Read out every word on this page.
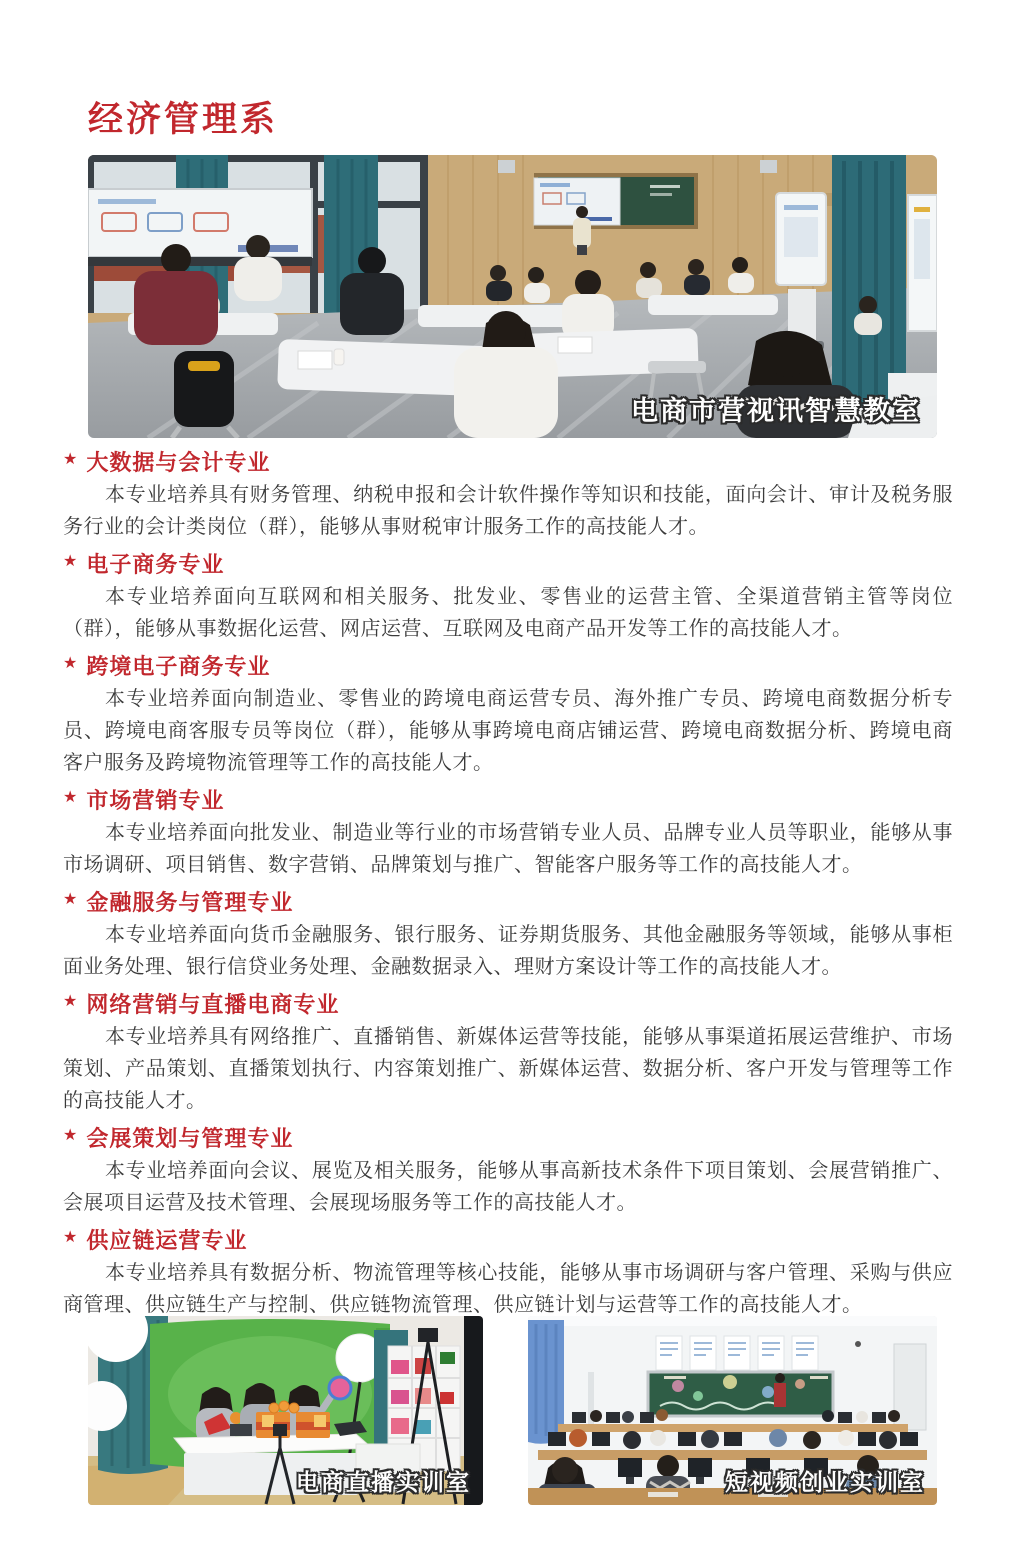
经济管理系
电商市营视讯智慧教室
★ 大数据与会计专业

本专业培养具有财务管理、纳税申报和会计软件操作等知识和技能，面向会计、审计及税务服务行业的会计类岗位（群），能够从事财税审计服务工作的高技能人才。

★ 电子商务专业

本专业培养面向互联网和相关服务、批发业、零售业的运营主管、全渠道营销主管等岗位（群），能够从事数据化运营、网店运营、互联网及电商产品开发等工作的高技能人才。

★ 跨境电子商务专业

本专业培养面向制造业、零售业的跨境电商运营专员、海外推广专员、跨境电商数据分析专员、跨境电商客服专员等岗位（群），能够从事跨境电商店铺运营、跨境电商数据分析、跨境电商客户服务及跨境物流管理等工作的高技能人才。

★ 市场营销专业

本专业培养面向批发业、制造业等行业的市场营销专业人员、品牌专业人员等职业，能够从事市场调研、项目销售、数字营销、品牌策划与推广、智能客户服务等工作的高技能人才。

★ 金融服务与管理专业

本专业培养面向货币金融服务、银行服务、证券期货服务、其他金融服务等领域，能够从事柜面业务处理、银行信贷业务处理、金融数据录入、理财方案设计等工作的高技能人才。

★ 网络营销与直播电商专业

本专业培养具有网络推广、直播销售、新媒体运营等技能，能够从事渠道拓展运营维护、市场策划、产品策划、直播策划执行、内容策划推广、新媒体运营、数据分析、客户开发与管理等工作的高技能人才。

★ 会展策划与管理专业

本专业培养面向会议、展览及相关服务，能够从事高新技术条件下项目策划、会展营销推广、会展项目运营及技术管理、会展现场服务等工作的高技能人才。

★ 供应链运营专业

本专业培养具有数据分析、物流管理等核心技能，能够从事市场调研与客户管理、采购与供应商管理、供应链生产与控制、供应链物流管理、供应链计划与运营等工作的高技能人才。

电商直播实训室	短视频创业实训室
